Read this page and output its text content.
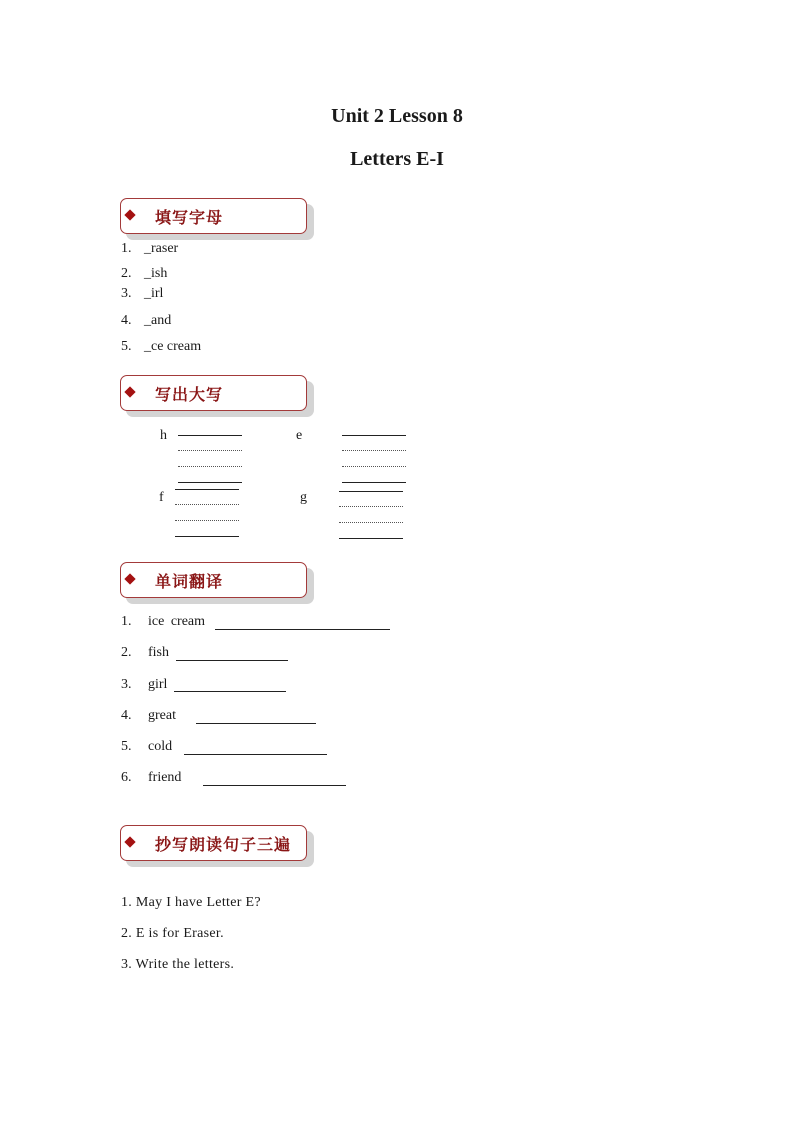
Unit 2 Lesson 8
Letters E-I
填写字母
1. _raser
2. _ish
3. _irl
4. _and
5. _ce cream
写出大写
h	e
f	g
单词翻译
1. ice cream
2. fish
3. girl
4. great
5. cold
6. friend
抄写朗读句子三遍
1. May I have Letter E?
2. E is for Eraser.
3. Write the letters.
